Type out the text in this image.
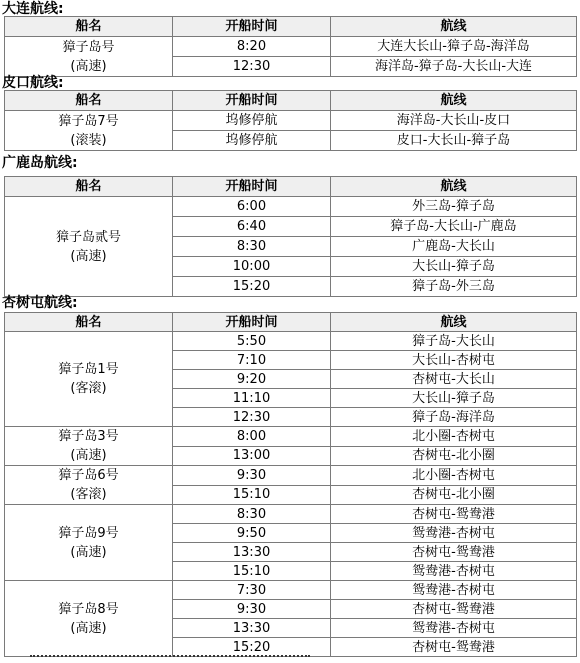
大连航线:
船名	开船时间	航线

獐子岛号
(高速)	8:20	大连大长山-獐子岛-海洋岛
	12:30	海洋岛-獐子岛-大长山-大连
皮口航线:
船名	开船时间	航线

獐子岛7号
(滚装)	坞修停航	海洋岛-大长山-皮口
	坞修停航	皮口-大长山-獐子岛
广鹿岛航线:
船名	开船时间	航线

獐子岛贰号
(高速)	6:00	外三岛-獐子岛
	6:40	獐子岛-大长山-广鹿岛
	8:30	广鹿岛-大长山
	10:00	大长山-獐子岛
	15:20	獐子岛-外三岛
杏树屯航线:
船名	开船时间	航线

獐子岛1号
(客滚)	5:50	獐子岛-大长山
	7:10	大长山-杏树屯
	9:20	杏树屯-大长山
	11:10	大长山-獐子岛
	12:30	獐子岛-海洋岛

獐子岛3号
(高速)	8:00	北小圈-杏树屯
	13:00	杏树屯-北小圈

獐子岛6号
(客滚)	9:30	北小圈-杏树屯
	15:10	杏树屯-北小圈

獐子岛9号
(高速)	8:30	杏树屯-鸳鸯港
	9:50	鸳鸯港-杏树屯
	13:30	杏树屯-鸳鸯港
	15:10	鸳鸯港-杏树屯

獐子岛8号
(高速)	7:30	鸳鸯港-杏树屯
	9:30	杏树屯-鸳鸯港
	13:30	鸳鸯港-杏树屯
	15:20	杏树屯-鸳鸯港
